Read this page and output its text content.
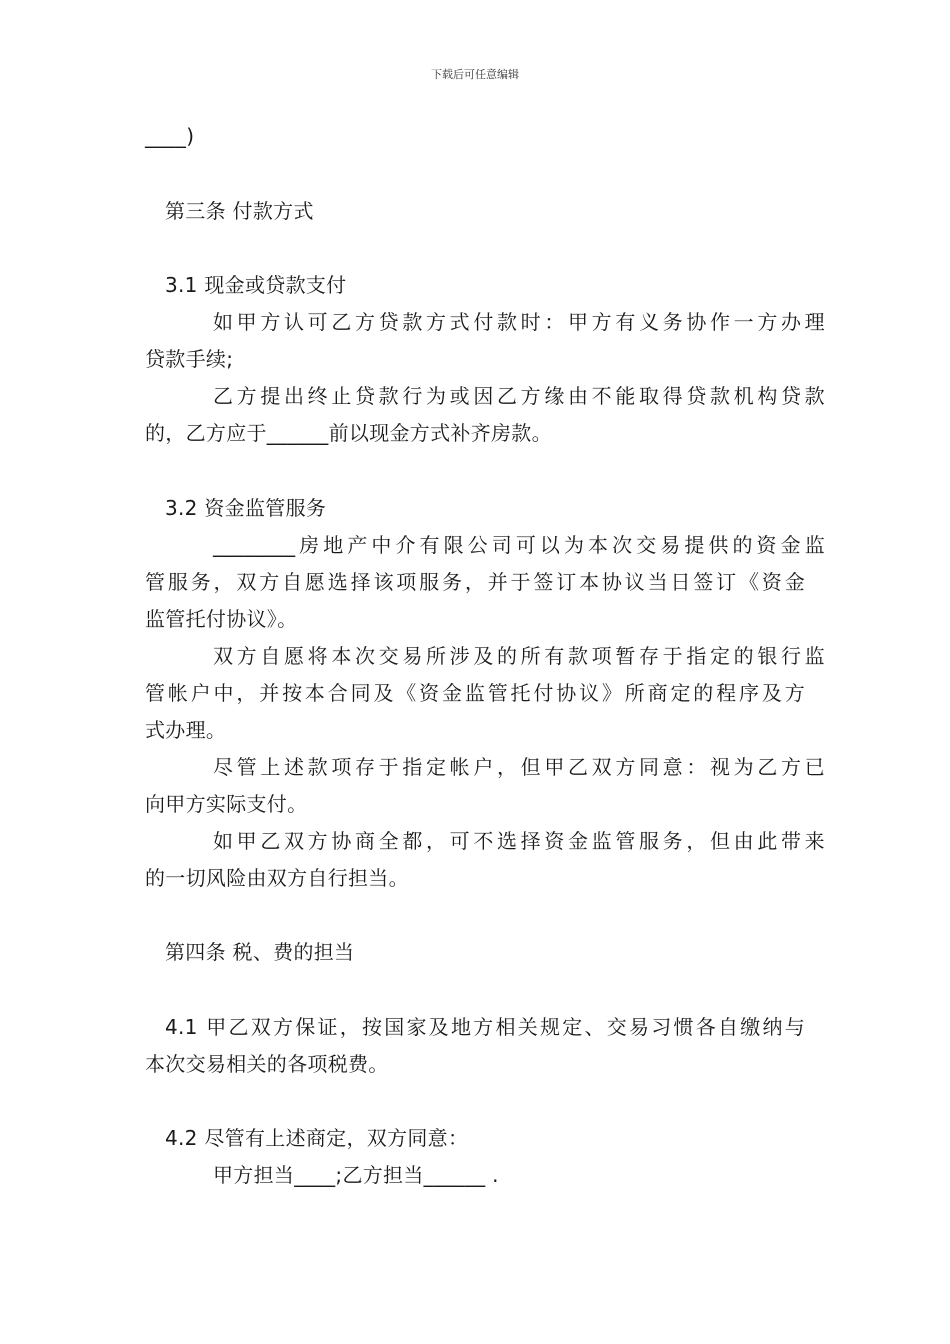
下载后可任意编辑
____)
第三条 付款方式
3.1 现金或贷款支付
如甲方认可乙方贷款方式付款时：甲方有义务协作一方办理
贷款手续;
乙方提出终止贷款行为或因乙方缘由不能取得贷款机构贷款
的，乙方应于______前以现金方式补齐房款。
3.2 资金监管服务
________房地产中介有限公司可以为本次交易提供的资金监
管服务，双方自愿选择该项服务，并于签订本协议当日签订《资金
监管托付协议》。
双方自愿将本次交易所涉及的所有款项暂存于指定的银行监
管帐户中，并按本合同及《资金监管托付协议》所商定的程序及方
式办理。
尽管上述款项存于指定帐户，但甲乙双方同意：视为乙方已
向甲方实际支付。
如甲乙双方协商全都，可不选择资金监管服务，但由此带来
的一切风险由双方自行担当。
第四条 税、费的担当
4.1 甲乙双方保证，按国家及地方相关规定、交易习惯各自缴纳与
本次交易相关的各项税费。
4.2 尽管有上述商定，双方同意：
甲方担当____;乙方担当______ .
